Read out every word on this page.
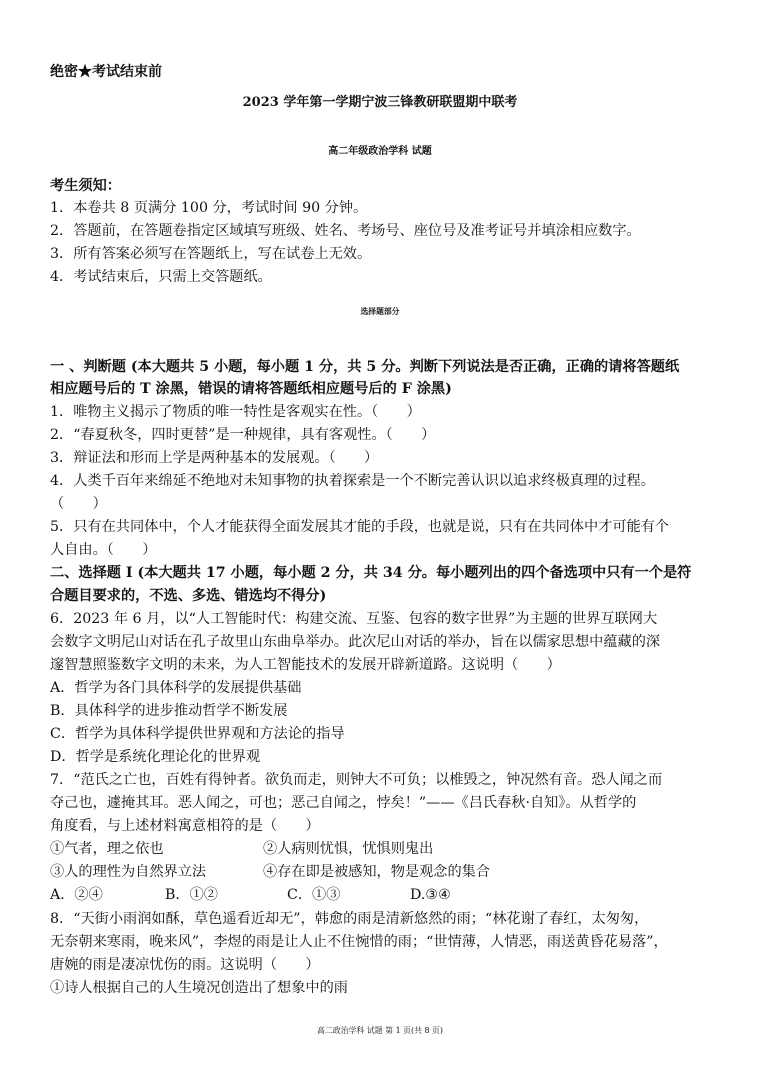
绝密★考试结束前
2023 学年第一学期宁波三锋教研联盟期中联考
高二年级政治学科 试题
考生须知：
1．本卷共 8 页满分 100 分，考试时间 90 分钟。
2．答题前，在答题卷指定区域填写班级、姓名、考场号、座位号及准考证号并填涂相应数字。
3．所有答案必须写在答题纸上，写在试卷上无效。
4．考试结束后，只需上交答题纸。
选择题部分
一 、判断题 (本大题共 5 小题，每小题 1 分，共 5 分。判断下列说法是否正确，正确的请将答题纸
相应题号后的 T 涂黑，错误的请将答题纸相应题号后的 F 涂黑)
1．唯物主义揭示了物质的唯一特性是客观实在性。（　　）
2．“春夏秋冬，四时更替”是一种规律，具有客观性。（　　）
3．辩证法和形而上学是两种基本的发展观。（　　）
4．人类千百年来绵延不绝地对未知事物的执着探索是一个不断完善认识以追求终极真理的过程。
（　　）
5．只有在共同体中，个人才能获得全面发展其才能的手段，也就是说，只有在共同体中才可能有个
人自由。（　　）
二、选择题 I (本大题共 17 小题，每小题 2 分，共 34 分。每小题列出的四个备选项中只有一个是符
合题目要求的，不选、多选、错选均不得分)
6．2023 年 6 月，以“人工智能时代：构建交流、互鉴、包容的数字世界”为主题的世界互联网大
会数字文明尼山对话在孔子故里山东曲阜举办。此次尼山对话的举办，旨在以儒家思想中蕴藏的深
邃智慧照鉴数字文明的未来，为人工智能技术的发展开辟新道路。这说明（　　）
A．哲学为各门具体科学的发展提供基础
B．具体科学的进步推动哲学不断发展
C．哲学为具体科学提供世界观和方法论的指导
D．哲学是系统化理论化的世界观
7．“范氏之亡也，百姓有得钟者。欲负而走，则钟大不可负；以椎毁之，钟况然有音。恐人闻之而
夺己也，遽掩其耳。恶人闻之，可也；恶己自闻之，悖矣！”——《吕氏春秋·自知》。从哲学的
角度看，与上述材料寓意相符的是（　　）
①气者，理之依也	②人病则忧惧，忧惧则鬼出
③人的理性为自然界立法	④存在即是被感知，物是观念的集合
A．②④	B．①②	C．①③	D.③④
8．“天街小雨润如酥，草色遥看近却无”，韩愈的雨是清新悠然的雨；“林花谢了春红，太匆匆，
无奈朝来寒雨，晚来风”，李煜的雨是让人止不住惋惜的雨；“世情薄，人情恶，雨送黄昏花易落”，
唐婉的雨是凄凉忧伤的雨。这说明（　　）
①诗人根据自己的人生境况创造出了想象中的雨
高二政治学科 试题 第 1 页(共 8 页)
